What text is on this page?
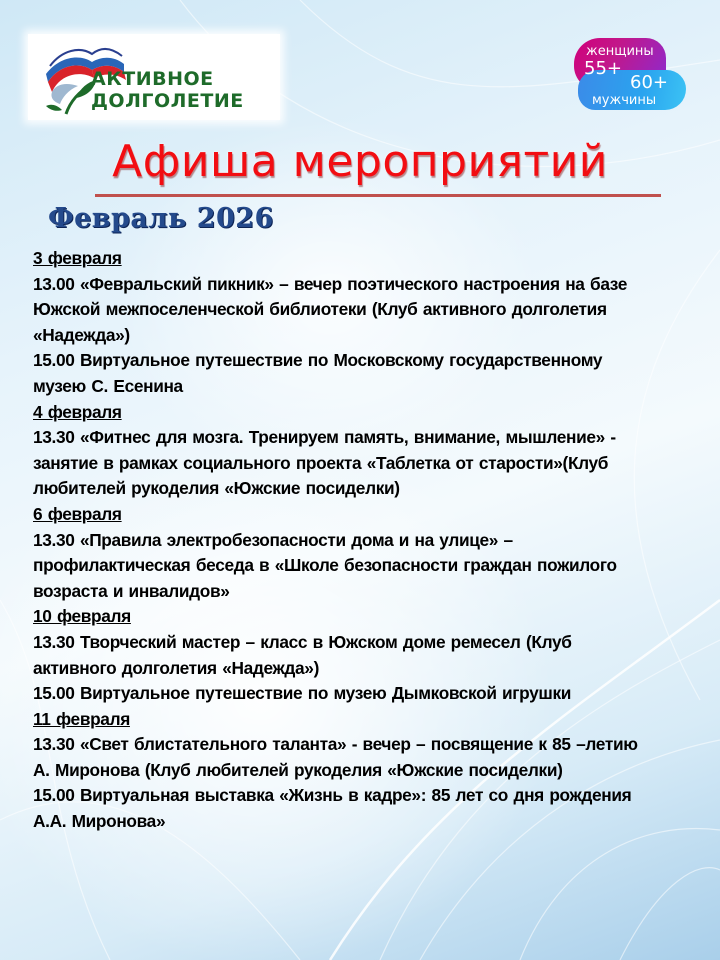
АКТИВНОЕ
ДОЛГОЛЕТИЕ
женщины
55+
60+
мужчины
Афиша мероприятий
Февраль 2026
3 февраля
13.00 «Февральский пикник» – вечер поэтического настроения на базе
Южской межпоселенческой библиотеки (Клуб активного долголетия
«Надежда»)
15.00 Виртуальное путешествие по Московскому государственному
музею С. Есенина
4 февраля
13.30 «Фитнес для мозга. Тренируем память, внимание, мышление» -
занятие в рамках социального проекта «Таблетка от старости»(Клуб
любителей рукоделия «Южские посиделки)
6 февраля
13.30 «Правила электробезопасности дома и на улице» –
профилактическая беседа в «Школе безопасности граждан пожилого
возраста и инвалидов»
10 февраля
13.30 Творческий мастер – класс в Южском доме ремесел (Клуб
активного долголетия «Надежда»)
15.00 Виртуальное путешествие по музею Дымковской игрушки
11 февраля
13.30 «Свет блистательного таланта» - вечер – посвящение к 85 –летию
А. Миронова (Клуб любителей рукоделия «Южские посиделки)
15.00 Виртуальная выставка «Жизнь в кадре»: 85 лет со дня рождения
А.А. Миронова»
